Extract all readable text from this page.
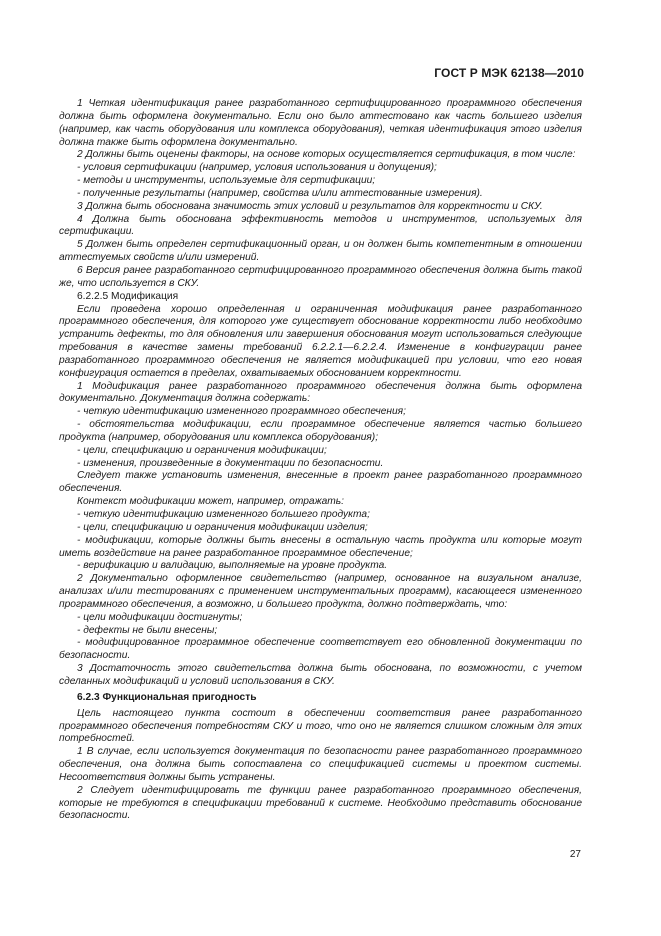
ГОСТ Р МЭК 62138—2010

1 Четкая идентификация ранее разработанного сертифицированного программного обеспечения должна быть оформлена документально. Если оно было аттестовано как часть большего изделия (например, как часть оборудования или комплекса оборудования), четкая идентификация этого изделия должна также быть оформлена документально.

2 Должны быть оценены факторы, на основе которых осуществляется сертификация, в том числе:

- условия сертификации (например, условия использования и допущения);

- методы и инструменты, используемые для сертификации;

- полученные результаты (например, свойства и/или аттестованные измерения).

3 Должна быть обоснована значимость этих условий и результатов для корректности и СКУ.

4 Должна быть обоснована эффективность методов и инструментов, используемых для сертификации.

5 Должен быть определен сертификационный орган, и он должен быть компетентным в отношении аттестуемых свойств и/или измерений.

6 Версия ранее разработанного сертифицированного программного обеспечения должна быть такой же, что используется в СКУ.

6.2.2.5 Модификация

Если проведена хорошо определенная и ограниченная модификация ранее разработанного программного обеспечения, для которого уже существует обоснование корректности либо необходимо устранить дефекты, то для обновления или завершения обоснования могут использоваться следующие требования в качестве замены требований 6.2.2.1—6.2.2.4. Изменение в конфигурации ранее разработанного программного обеспечения не является модификацией при условии, что его новая конфигурация остается в пределах, охватываемых обоснованием корректности.

1 Модификация ранее разработанного программного обеспечения должна быть оформлена документально. Документация должна содержать:

- четкую идентификацию измененного программного обеспечения;

- обстоятельства модификации, если программное обеспечение является частью большего продукта (например, оборудования или комплекса оборудования);

- цели, спецификацию и ограничения модификации;

- изменения, произведенные в документации по безопасности.

Следует также установить изменения, внесенные в проект ранее разработанного программного обеспечения.

Контекст модификации может, например, отражать:

- четкую идентификацию измененного большего продукта;

- цели, спецификацию и ограничения модификации изделия;

- модификации, которые должны быть внесены в остальную часть продукта или которые могут иметь воздействие на ранее разработанное программное обеспечение;

- верификацию и валидацию, выполняемые на уровне продукта.

2 Документально оформленное свидетельство (например, основанное на визуальном анализе, анализах и/или тестированиях с применением инструментальных программ), касающееся измененного программного обеспечения, а возможно, и большего продукта, должно подтверждать, что:

- цели модификации достигнуты;

- дефекты не были внесены;

- модифицированное программное обеспечение соответствует его обновленной документации по безопасности.

3 Достаточность этого свидетельства должна быть обоснована, по возможности, с учетом сделанных модификаций и условий использования в СКУ.

6.2.3 Функциональная пригодность

Цель настоящего пункта состоит в обеспечении соответствия ранее разработанного программного обеспечения потребностям СКУ и того, что оно не является слишком сложным для этих потребностей.

1 В случае, если используется документация по безопасности ранее разработанного программного обеспечения, она должна быть сопоставлена со спецификацией системы и проектом системы. Несоответствия должны быть устранены.

2 Следует идентифицировать те функции ранее разработанного программного обеспечения, которые не требуются в спецификации требований к системе. Необходимо представить обоснование безопасности.

27
